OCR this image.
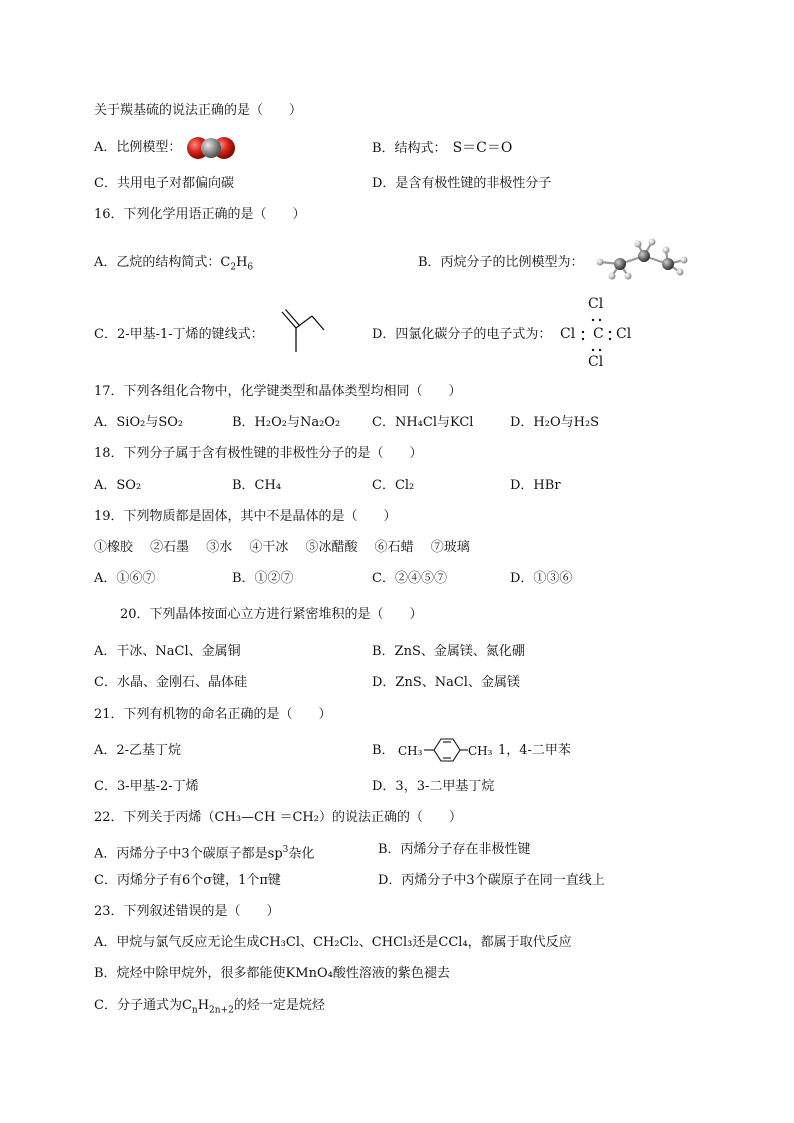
关于羰基硫的说法正确的是（　　）
A．比例模型：	B．结构式： S＝C＝O
C．共用电子对都偏向碳	D．是含有极性键的非极性分子
16．下列化学用语正确的是（　　）
A．乙烷的结构简式：$C_2H_6$	B．丙烷分子的比例模型为：
C．2-甲基-1-丁烯的键线式：	D．四氯化碳分子的电子式为：
Cl
Cl C Cl
Cl
17．下列各组化合物中，化学键类型和晶体类型均相同（　　）
A．SiO₂与SO₂	B．H₂O₂与Na₂O₂ C．NH₄Cl与KCl	D．H₂O与H₂S
18．下列分子属于含有极性键的非极性分子的是（　　）
A．SO₂	B．CH₄	C．Cl₂	D．HBr
19．下列物质都是固体，其中不是晶体的是（　　）
①橡胶　 ②石墨　 ③水　 ④干冰　 ⑤冰醋酸　 ⑥石蜡　 ⑦玻璃
A．①⑥⑦	B．①②⑦	C．②④⑤⑦	D．①③⑥
20．下列晶体按面心立方进行紧密堆积的是（　　）
A．干冰、NaCl、金属铜	B．ZnS、金属镁、氮化硼
C．水晶、金刚石、晶体硅	D．ZnS、NaCl、金属镁
21．下列有机物的命名正确的是（　　）
A．2-乙基丁烷	B． CH₃	CH₃ 1，4-二甲苯
C．3-甲基-2-丁烯	D．3，3-二甲基丁烷
22．下列关于丙烯（CH₃—CH ＝CH₂）的说法正确的（　　）
A．丙烯分子中3个碳原子都是$sp^3$杂化	B．丙烯分子存在非极性键
C．丙烯分子有6个σ键，1个π键	D．丙烯分子中3个碳原子在同一直线上
23．下列叙述错误的是（　　）
A．甲烷与氯气反应无论生成CH₃Cl、CH₂Cl₂、CHCl₃还是CCl₄，都属于取代反应
B．烷烃中除甲烷外，很多都能使KMnO₄酸性溶液的紫色褪去
C．分子通式为$C_nH_{2n+2}$的烃一定是烷烃
